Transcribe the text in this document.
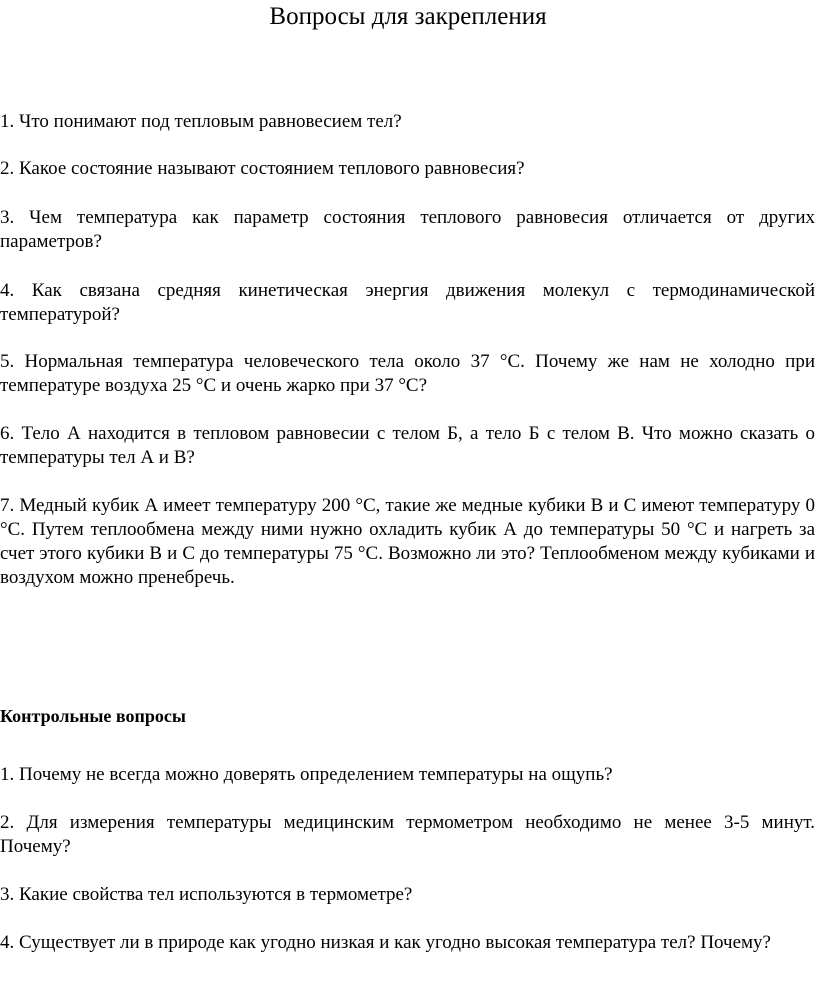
Вопросы для закрепления

1. Что понимают под тепловым равновесием тел?

2. Какое состояние называют состоянием теплового равновесия?

3. Чем температура как параметр состояния теплового равновесия отличается от других параметров?

4. Как связана средняя кинетическая энергия движения молекул с термодинамической температурой?

5. Нормальная температура человеческого тела около 37 °С. Почему же нам не холодно при температуре воздуха 25 °С и очень жарко при 37 °С?

6. Тело А находится в тепловом равновесии с телом Б, а тело Б с телом В. Что можно сказать о температуры тел А и В?

7. Медный кубик А имеет температуру 200 °С, такие же медные кубики В и С имеют температуру 0 °С. Путем теплообмена между ними нужно охладить кубик А до температуры 50 °С и нагреть за счет этого кубики В и С до температуры 75 °С. Возможно ли это? Теплообменом между кубиками и воздухом можно пренебречь.

Контрольные вопросы

1. Почему не всегда можно доверять определением температуры на ощупь?

2. Для измерения температуры медицинским термометром необходимо не менее 3-5 минут. Почему?

3. Какие свойства тел используются в термометре?

4. Существует ли в природе как угодно низкая и как угодно высокая температура тел? Почему?
